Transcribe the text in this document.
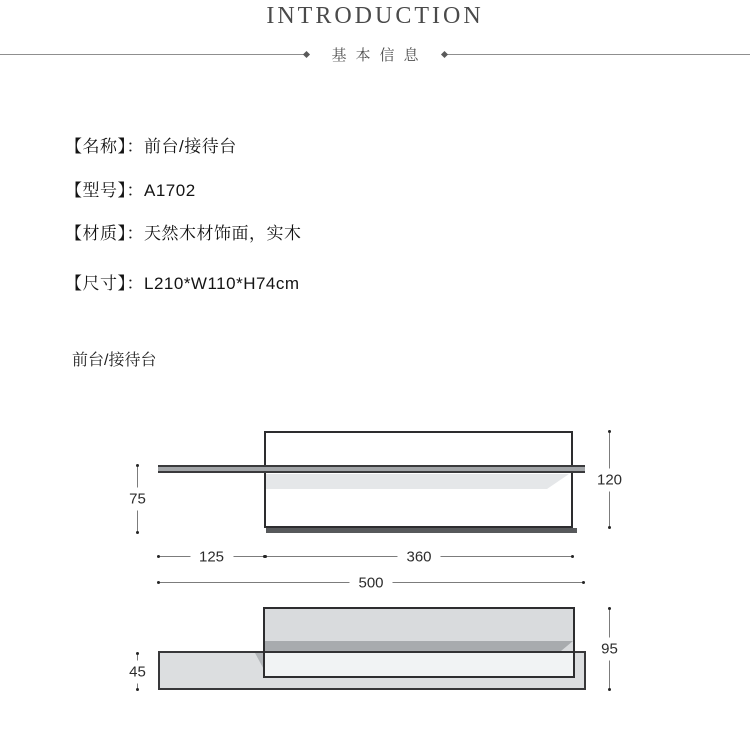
INTRODUCTION
基本信息

【名称】：前台/接待台

【型号】：A1702

【材质】：天然木材饰面，实木

【尺寸】：L210*W110*H74cm

前台/接待台
75
120
125	360
500
45
95
